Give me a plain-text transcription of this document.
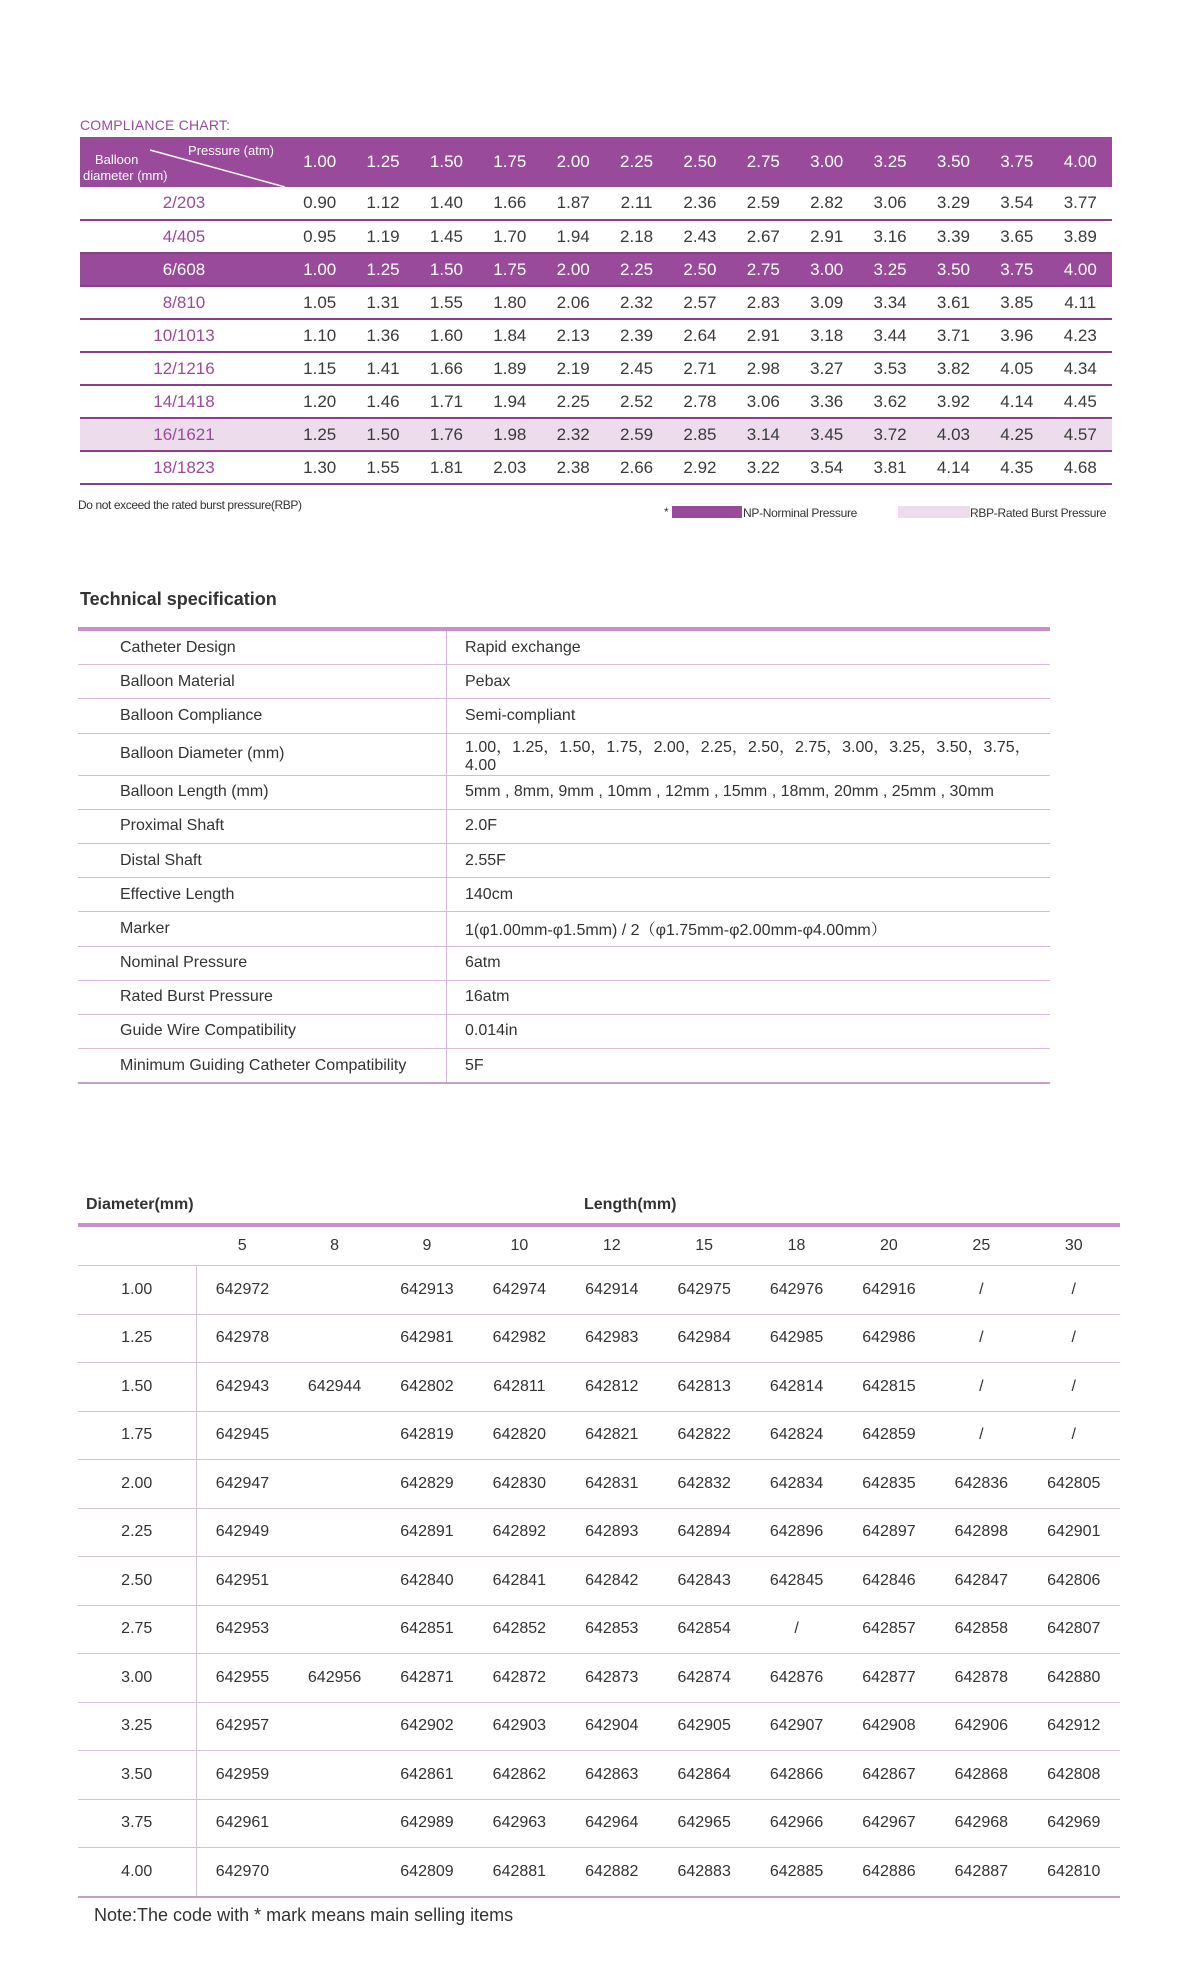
COMPLIANCE CHART:
Pressure (atm)
Balloon
diameter (mm)	1.00	1.25	1.50	1.75	2.00	2.25	2.50	2.75	3.00	3.25	3.50	3.75	4.00
2/203	0.90	1.12	1.40	1.66	1.87	2.11	2.36	2.59	2.82	3.06	3.29	3.54	3.77
4/405	0.95	1.19	1.45	1.70	1.94	2.18	2.43	2.67	2.91	3.16	3.39	3.65	3.89
6/608	1.00	1.25	1.50	1.75	2.00	2.25	2.50	2.75	3.00	3.25	3.50	3.75	4.00
8/810	1.05	1.31	1.55	1.80	2.06	2.32	2.57	2.83	3.09	3.34	3.61	3.85	4.11
10/1013	1.10	1.36	1.60	1.84	2.13	2.39	2.64	2.91	3.18	3.44	3.71	3.96	4.23
12/1216	1.15	1.41	1.66	1.89	2.19	2.45	2.71	2.98	3.27	3.53	3.82	4.05	4.34
14/1418	1.20	1.46	1.71	1.94	2.25	2.52	2.78	3.06	3.36	3.62	3.92	4.14	4.45
16/1621	1.25	1.50	1.76	1.98	2.32	2.59	2.85	3.14	3.45	3.72	4.03	4.25	4.57
18/1823	1.30	1.55	1.81	2.03	2.38	2.66	2.92	3.22	3.54	3.81	4.14	4.35	4.68
Do not exceed the rated burst pressure(RBP)	*	NP-Norminal Pressure	RBP-Rated Burst Pressure
Technical specification
Catheter Design	Rapid exchange
Balloon Material	Pebax
Balloon Compliance	Semi-compliant
Balloon Diameter (mm)	1.00，1.25，1.50，1.75，2.00，2.25，2.50，2.75，3.00，3.25，3.50，3.75，4.00
Balloon Length (mm)	5mm , 8mm, 9mm , 10mm , 12mm , 15mm , 18mm, 20mm , 25mm , 30mm
Proximal Shaft	2.0F
Distal Shaft	2.55F
Effective Length	140cm
Marker	1(φ1.00mm-φ1.5mm) / 2（φ1.75mm-φ2.00mm-φ4.00mm）
Nominal Pressure	6atm
Rated Burst Pressure	16atm
Guide Wire Compatibility	0.014in
Minimum Guiding Catheter Compatibility	5F
Diameter(mm)	Length(mm)
	5	8	9	10	12	15	18	20	25	30
1.00	642972		642913	642974	642914	642975	642976	642916	/	/
1.25	642978		642981	642982	642983	642984	642985	642986	/	/
1.50	642943	642944	642802	642811	642812	642813	642814	642815	/	/
1.75	642945		642819	642820	642821	642822	642824	642859	/	/
2.00	642947		642829	642830	642831	642832	642834	642835	642836	642805
2.25	642949		642891	642892	642893	642894	642896	642897	642898	642901
2.50	642951		642840	642841	642842	642843	642845	642846	642847	642806
2.75	642953		642851	642852	642853	642854	/	642857	642858	642807
3.00	642955	642956	642871	642872	642873	642874	642876	642877	642878	642880
3.25	642957		642902	642903	642904	642905	642907	642908	642906	642912
3.50	642959		642861	642862	642863	642864	642866	642867	642868	642808
3.75	642961		642989	642963	642964	642965	642966	642967	642968	642969
4.00	642970		642809	642881	642882	642883	642885	642886	642887	642810
Note:The code with * mark means main selling items
